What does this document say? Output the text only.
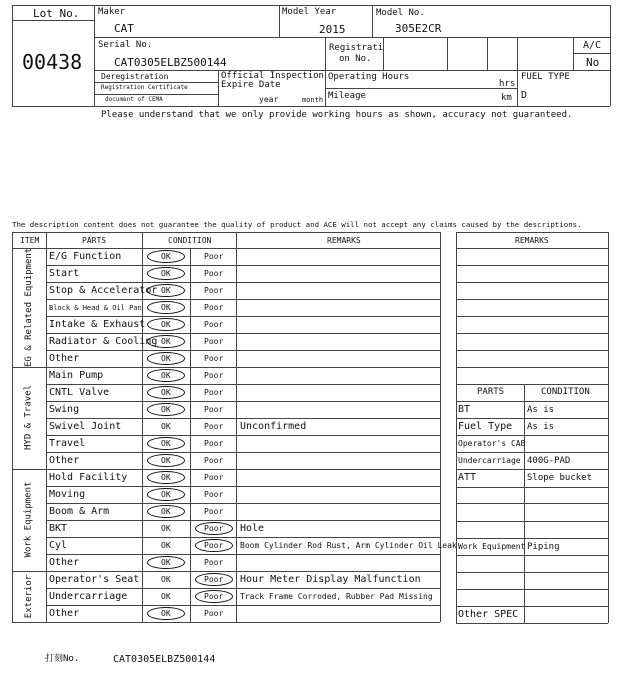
Lot No.
00438
Maker
CAT
Model Year
2015
Model No.
305E2CR
Serial No.
CAT0305ELBZ500144
Registrati
on No.
A/C
No
Deregistration
Registration Certificate
document of CEMA
Official Inspection
Expire Date
year	month
Operating Hours
hrs
Mileage	km
FUEL TYPE
D
Please understand that we only provide working hours as shown, accuracy not guaranteed.
The description content does not guarantee the quality of product and ACE will not accept any claims caused by the descriptions.
ITEM	PARTS	CONDITION	REMARKS
EG & Related Equipment
HYD & Travel
Work Equipment
Exterior
E/G Function	OK	Poor
Start	OK	Poor
Stop & Accelerator OK	Poor
Block & Head & Oil Pan OK	Poor
Intake & Exhaust OK	Poor
Radiator & Cooling OK	Poor
Other	OK	Poor
Main Pump	OK	Poor
CNTL Valve	OK	Poor
Swing	OK	Poor
Swivel Joint	OK	Poor Unconfirmed
Travel	OK	Poor
Other	OK	Poor
Hold Facility	OK	Poor
Moving	OK	Poor
Boom & Arm	OK	Poor
BKT	OK	Poor Hole
Cyl	OK	Poor Boom Cylinder Rod Rust, Arm Cylinder Oil Leak
Other	OK	Poor
Operator's Seat	OK	Poor Hour Meter Display Malfunction
Undercarriage	OK	Poor Track Frame Corroded, Rubber Pad Missing
Other	OK	Poor
REMARKS
PARTS	CONDITION
BT	As is
Fuel Type As is
Operator's CAB
Undercarriage 400G-PAD
ATT	Slope bucket
Work Equipment Piping
Other SPEC
打刻No.	CAT0305ELBZ500144
